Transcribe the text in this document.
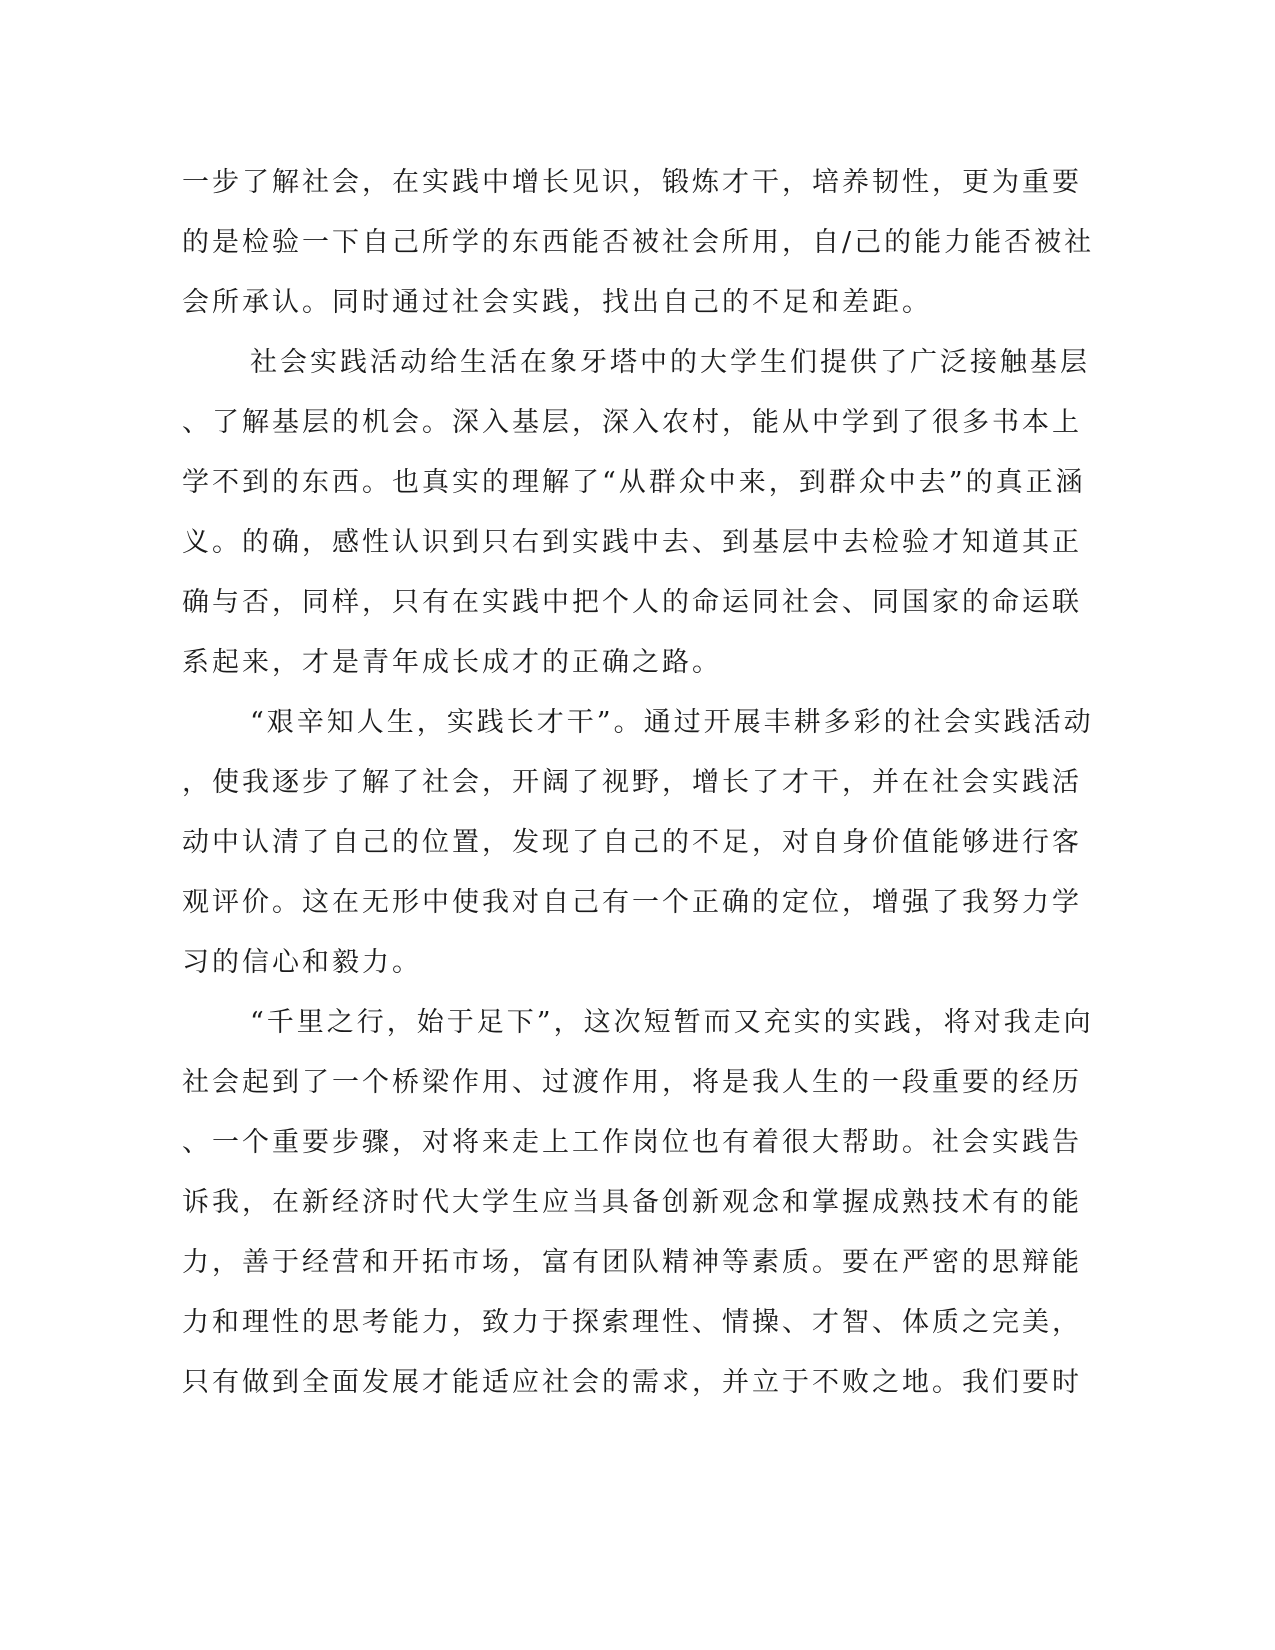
一步了解社会，在实践中增长见识，锻炼才干，培养韧性，更为重要
的是检验一下自己所学的东西能否被社会所用，自/己的能力能否被社
会所承认。同时通过社会实践，找出自己的不足和差距。
社会实践活动给生活在象牙塔中的大学生们提供了广泛接触基层
、了解基层的机会。深入基层，深入农村，能从中学到了很多书本上
学不到的东西。也真实的理解了“从群众中来，到群众中去”的真正涵
义。的确，感性认识到只右到实践中去、到基层中去检验才知道其正
确与否，同样，只有在实践中把个人的命运同社会、同国家的命运联
系起来，才是青年成长成才的正确之路。
“艰辛知人生，实践长才干”。通过开展丰耕多彩的社会实践活动
，使我逐步了解了社会，开阔了视野，增长了才干，并在社会实践活
动中认清了自己的位置，发现了自己的不足，对自身价值能够进行客
观评价。这在无形中使我对自己有一个正确的定位，增强了我努力学
习的信心和毅力。
“千里之行，始于足下”，这次短暂而又充实的实践，将对我走向
社会起到了一个桥梁作用、过渡作用，将是我人生的一段重要的经历
、一个重要步骤，对将来走上工作岗位也有着很大帮助。社会实践告
诉我，在新经济时代大学生应当具备创新观念和掌握成熟技术有的能
力，善于经营和开拓市场，富有团队精神等素质。要在严密的思辩能
力和理性的思考能力，致力于探索理性、情操、才智、体质之完美，
只有做到全面发展才能适应社会的需求，并立于不败之地。我们要时
